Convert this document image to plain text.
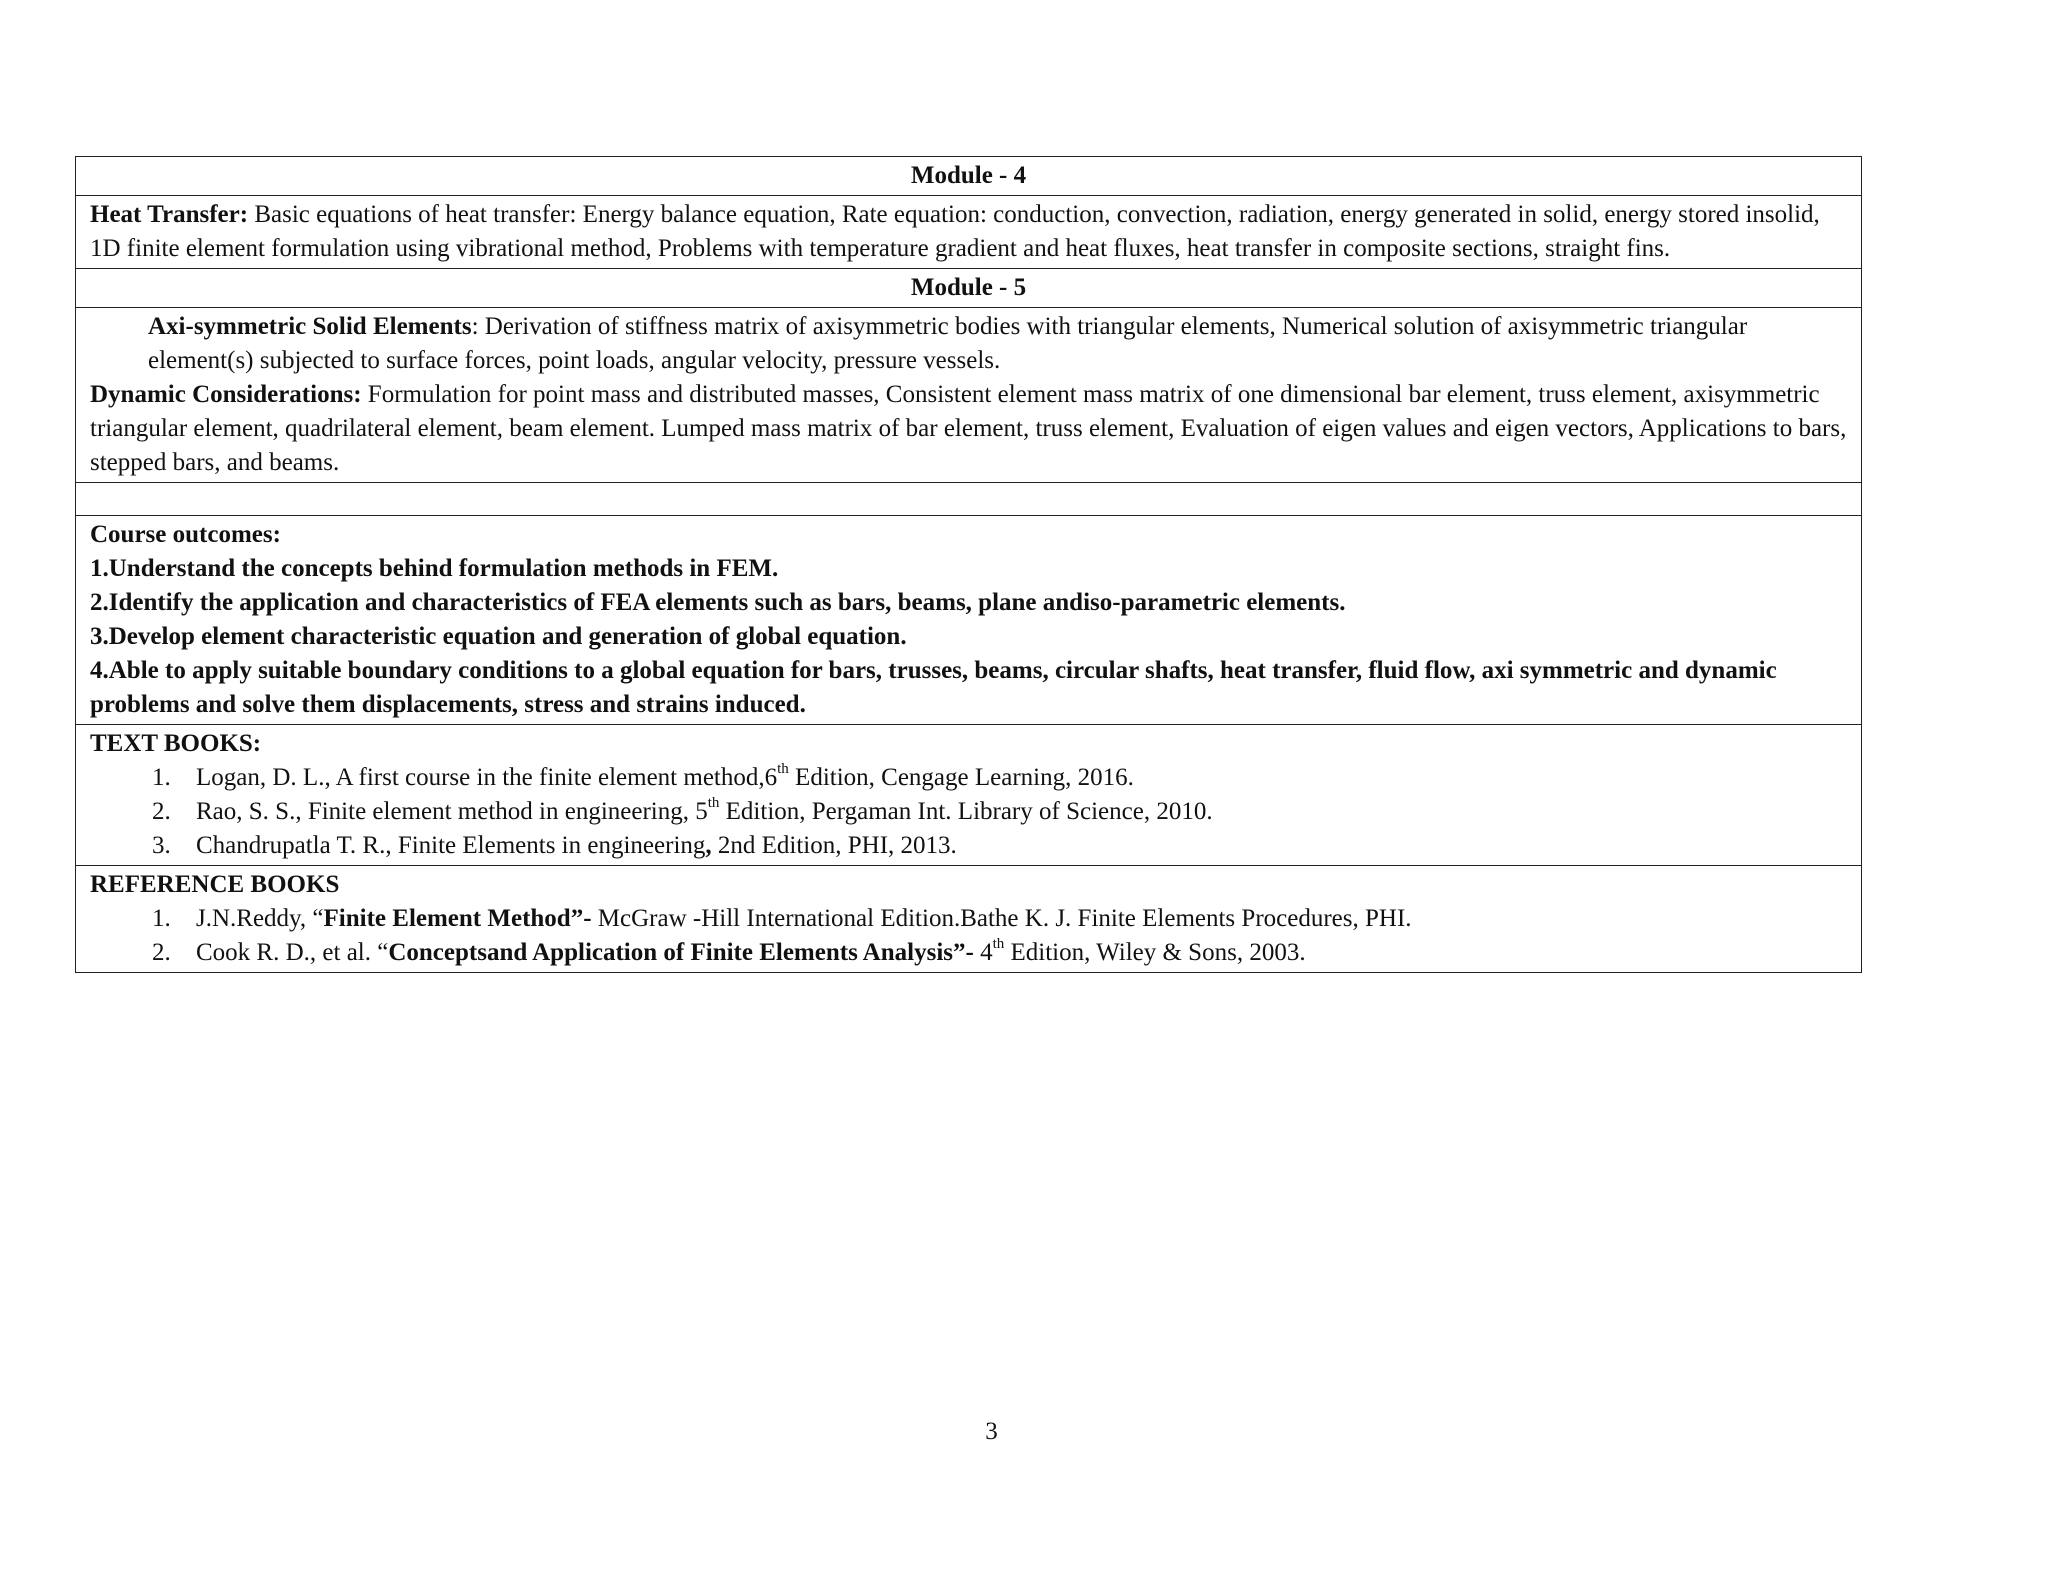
Module - 4
Heat Transfer: Basic equations of heat transfer: Energy balance equation, Rate equation: conduction, convection, radiation, energy generated in solid, energy stored insolid, 1D finite element formulation using vibrational method, Problems with temperature gradient and heat fluxes, heat transfer in composite sections, straight fins.
Module - 5
Axi-symmetric Solid Elements: Derivation of stiffness matrix of axisymmetric bodies with triangular elements, Numerical solution of axisymmetric triangular element(s) subjected to surface forces, point loads, angular velocity, pressure vessels.
Dynamic Considerations: Formulation for point mass and distributed masses, Consistent element mass matrix of one dimensional bar element, truss element, axisymmetric triangular element, quadrilateral element, beam element. Lumped mass matrix of bar element, truss element, Evaluation of eigen values and eigen vectors, Applications to bars, stepped bars, and beams.
Course outcomes:
1.Understand the concepts behind formulation methods in FEM.
2.Identify the application and characteristics of FEA elements such as bars, beams, plane andiso-parametric elements.
3.Develop element characteristic equation and generation of global equation.
4.Able to apply suitable boundary conditions to a global equation for bars, trusses, beams, circular shafts, heat transfer, fluid flow, axi symmetric and dynamic problems and solve them displacements, stress and strains induced.
TEXT BOOKS:
1. Logan, D. L., A first course in the finite element method,6th Edition, Cengage Learning, 2016.
2. Rao, S. S., Finite element method in engineering, 5th Edition, Pergaman Int. Library of Science, 2010.
3. Chandrupatla T. R., Finite Elements in engineering, 2nd Edition, PHI, 2013.
REFERENCE BOOKS
1. J.N.Reddy, “Finite Element Method”- McGraw -Hill International Edition.Bathe K. J. Finite Elements Procedures, PHI.
2. Cook R. D., et al. “Conceptsand Application of Finite Elements Analysis”- 4th Edition, Wiley & Sons, 2003.
3
